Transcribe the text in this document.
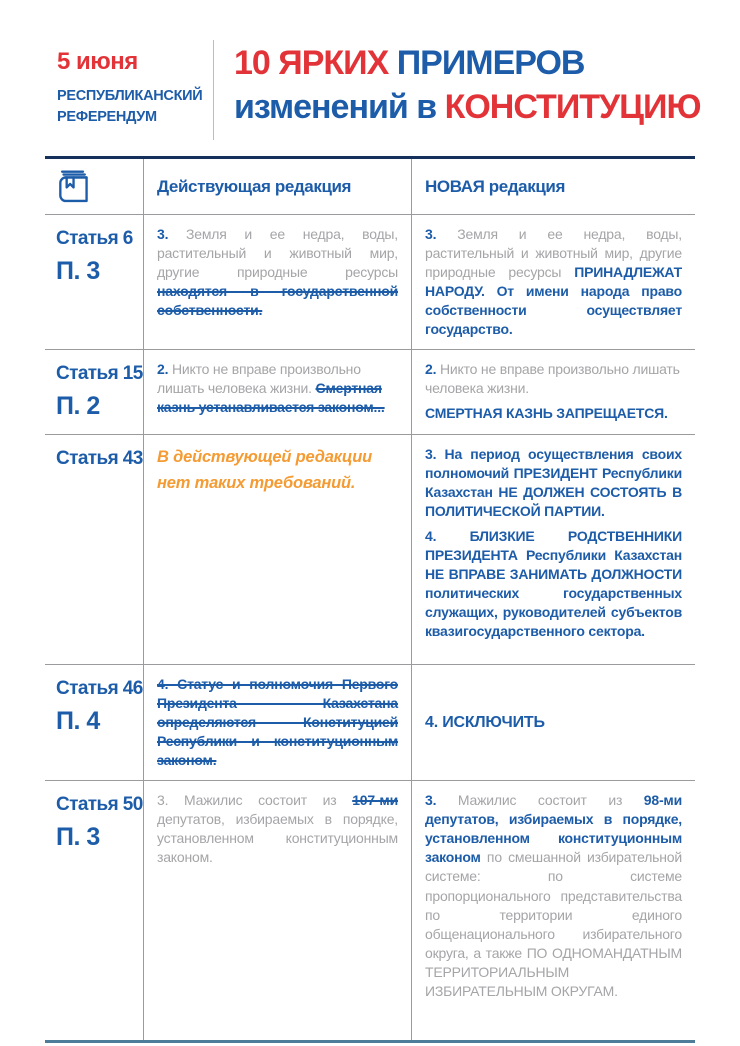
5 июня
РЕСПУБЛИКАНСКИЙ
РЕФЕРЕНДУМ
10 ЯРКИХ ПРИМЕРОВ
изменений в КОНСТИТУЦИЮ
Действующая редакция	НОВАЯ редакция
Статья 6
П. 3
3. Земля и ее недра, воды, растительный и животный мир, другие природные ресурсы находятся в государственной собственности.
3. Земля и ее недра, воды, растительный и животный мир, другие природные ресурсы ПРИНАДЛЕЖАТ НАРОДУ. От имени народа право собственности осуществляет государство.
Статья 15
П. 2
2. Никто не вправе произвольно лишать человека жизни. Смертная казнь устанавливается законом...
2. Никто не вправе произвольно лишать человека жизни.

СМЕРТНАЯ КАЗНЬ ЗАПРЕЩАЕТСЯ.
Статья 43 В действующей редакции нет таких требований.
3. На период осуществления своих полномочий ПРЕЗИДЕНТ Республики Казахстан НЕ ДОЛЖЕН СОСТОЯТЬ В ПОЛИТИЧЕСКОЙ ПАРТИИ.

4. БЛИЗКИЕ РОДСТВЕННИКИ ПРЕЗИДЕНТА Республики Казахстан НЕ ВПРАВЕ ЗАНИМАТЬ ДОЛЖНОСТИ политических государственных служащих, руководителей субъектов квазигосударственного сектора.
Статья 46
П. 4
4. Статус и полномочия Первого Президента Казахстана определяются Конституцией Республики и конституционным законом.
4. ИСКЛЮЧИТЬ
Статья 50
П. 3
3. Мажилис состоит из 107-ми депутатов, избираемых в порядке, установленном конституционным законом.
3. Мажилис состоит из 98-ми депутатов, избираемых в порядке, установленном конституционным законом по смешанной избирательной системе: по системе пропорционального представительства по территории единого общенационального избирательного округа, а также ПО ОДНОМАНДАТНЫМ ТЕРРИТОРИАЛЬНЫМ ИЗБИРАТЕЛЬНЫМ ОКРУГАМ.
